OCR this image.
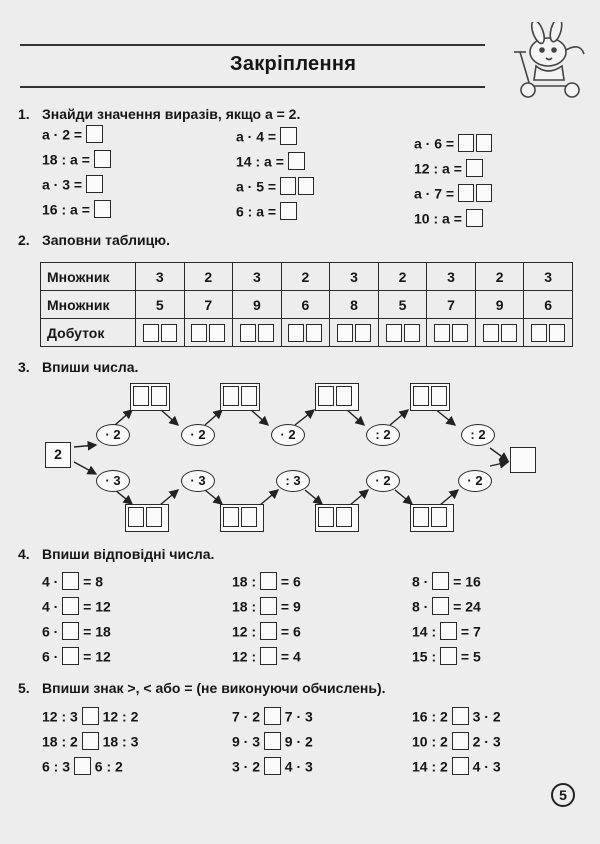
Закріплення
1. Знайди значення виразів, якщо a = 2.
a · 2 =
18 : a =
a · 3 =
16 : a =
a · 4 =
14 : a =
a · 5 =
6 : a =
a · 6 =
12 : a =
a · 7 =
10 : a =
2. Заповни таблицю.
Множник	3	2	3	2	3	2	3	2	3
Множник	5	7	9	6	8	5	7	9	6
Добуток	

3. Впиши числа.
2
· 2	· 2	· 2	: 2	: 2
· 3	· 3	: 3	· 2	· 2
4. Впиши відповідні числа.
4 · = 8
4 · = 12
6 · = 18
6 · = 12
18 : = 6
18 : = 9
12 : = 6
12 : = 4
8 · = 16
8 · = 24
14 : = 7
15 : = 5
5. Впиши знак >, < або = (не виконуючи обчислень).
12 : 3 12 : 2
18 : 2 18 : 3
6 : 3 6 : 2
7 · 2 7 · 3
9 · 3 9 · 2
3 · 2 4 · 3
16 : 2 3 · 2
10 : 2 2 · 3
14 : 2 4 · 3
5
